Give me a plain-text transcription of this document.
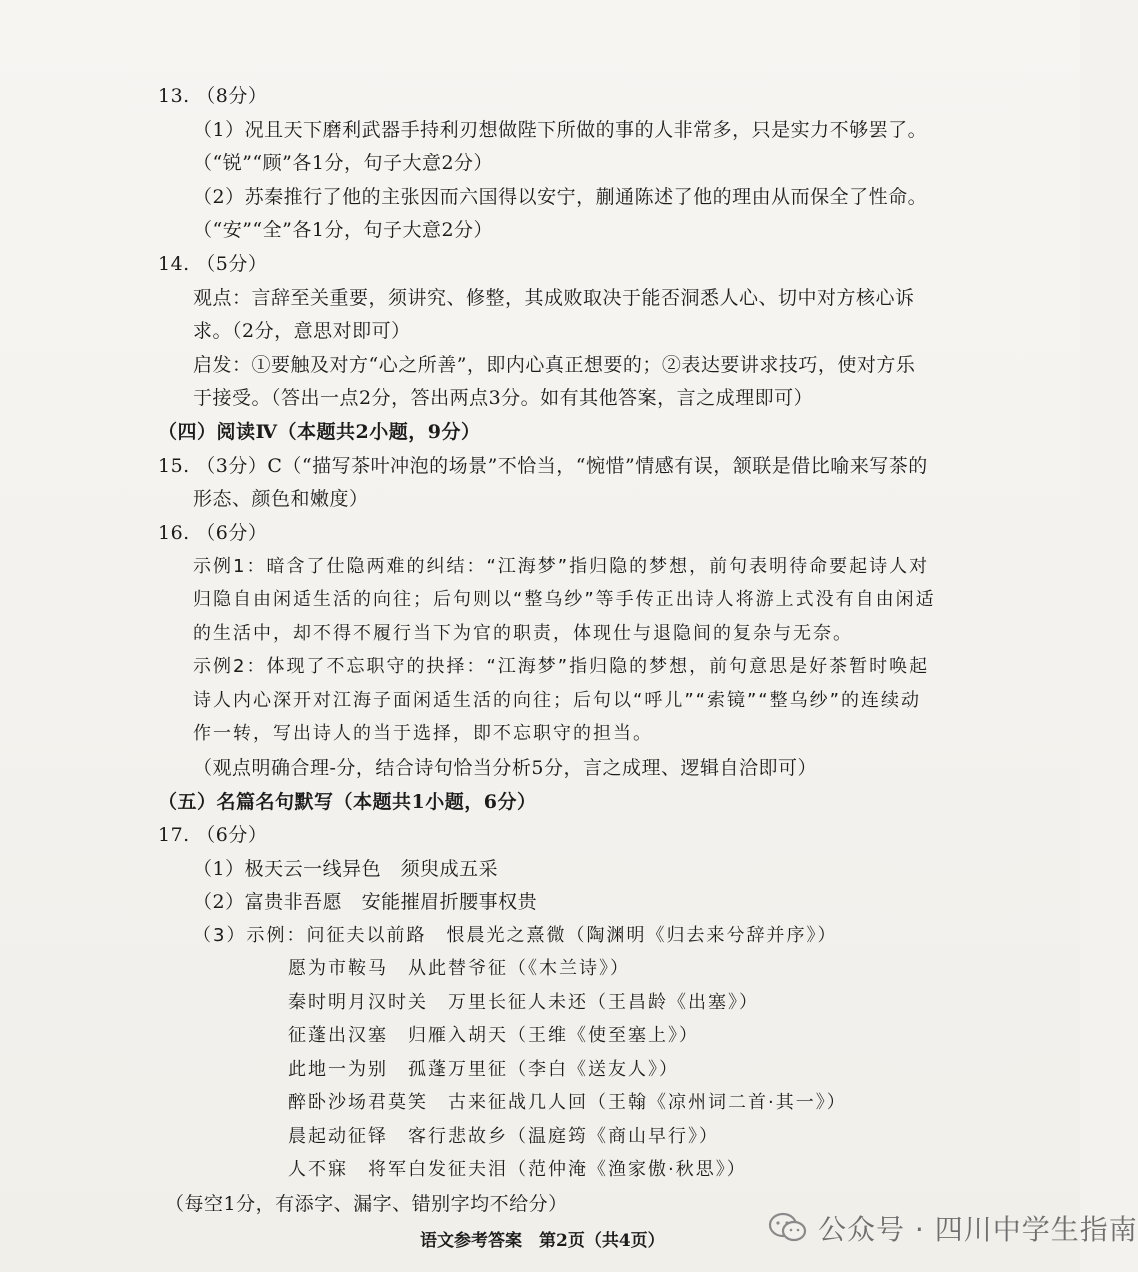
13. （8分）
（1）况且天下磨利武器手持利刃想做陛下所做的事的人非常多，只是实力不够罢了。
（“锐”“顾”各1分，句子大意2分）
（2）苏秦推行了他的主张因而六国得以安宁，蒯通陈述了他的理由从而保全了性命。
（“安”“全”各1分，句子大意2分）
14. （5分）
观点：言辞至关重要，须讲究、修整，其成败取决于能否洞悉人心、切中对方核心诉
求。（2分，意思对即可）
启发：①要触及对方“心之所善”，即内心真正想要的；②表达要讲求技巧，使对方乐
于接受。（答出一点2分，答出两点3分。如有其他答案，言之成理即可）
（四）阅读Ⅳ（本题共2小题，9分）
15. （3分）C（“描写茶叶冲泡的场景”不恰当，“惋惜”情感有误，颔联是借比喻来写茶的
形态、颜色和嫩度）
16. （6分）
示例1：暗含了仕隐两难的纠结：“江海梦”指归隐的梦想，前句表明待命要起诗人对
归隐自由闲适生活的向往；后句则以“整乌纱”等手传正出诗人将游上式没有自由闲适
的生活中，却不得不履行当下为官的职责，体现仕与退隐间的复杂与无奈。
示例2：体现了不忘职守的抉择：“江海梦”指归隐的梦想，前句意思是好茶暂时唤起
诗人内心深开对江海子面闲适生活的向往；后句以“呼儿”“索镜”“整乌纱”的连续动
作一转，写出诗人的当于选择，即不忘职守的担当。
（观点明确合理-分，结合诗句恰当分析5分，言之成理、逻辑自洽即可）
（五）名篇名句默写（本题共1小题，6分）
17. （6分）
（1）极天云一线异色　须臾成五采
（2）富贵非吾愿　安能摧眉折腰事权贵
（3）示例：问征夫以前路　恨晨光之熹微（陶渊明《归去来兮辞并序》）
愿为市鞍马　从此替爷征（《木兰诗》）
秦时明月汉时关　万里长征人未还（王昌龄《出塞》）
征蓬出汉塞　归雁入胡天（王维《使至塞上》）
此地一为别　孤蓬万里征（李白《送友人》）
醉卧沙场君莫笑　古来征战几人回（王翰《凉州词二首·其一》）
晨起动征铎　客行悲故乡（温庭筠《商山早行》）
人不寐　将军白发征夫泪（范仲淹《渔家傲·秋思》）
（每空1分，有添字、漏字、错别字均不给分）
语文参考答案　第2页（共4页）	公众号 · 四川中学生指南
